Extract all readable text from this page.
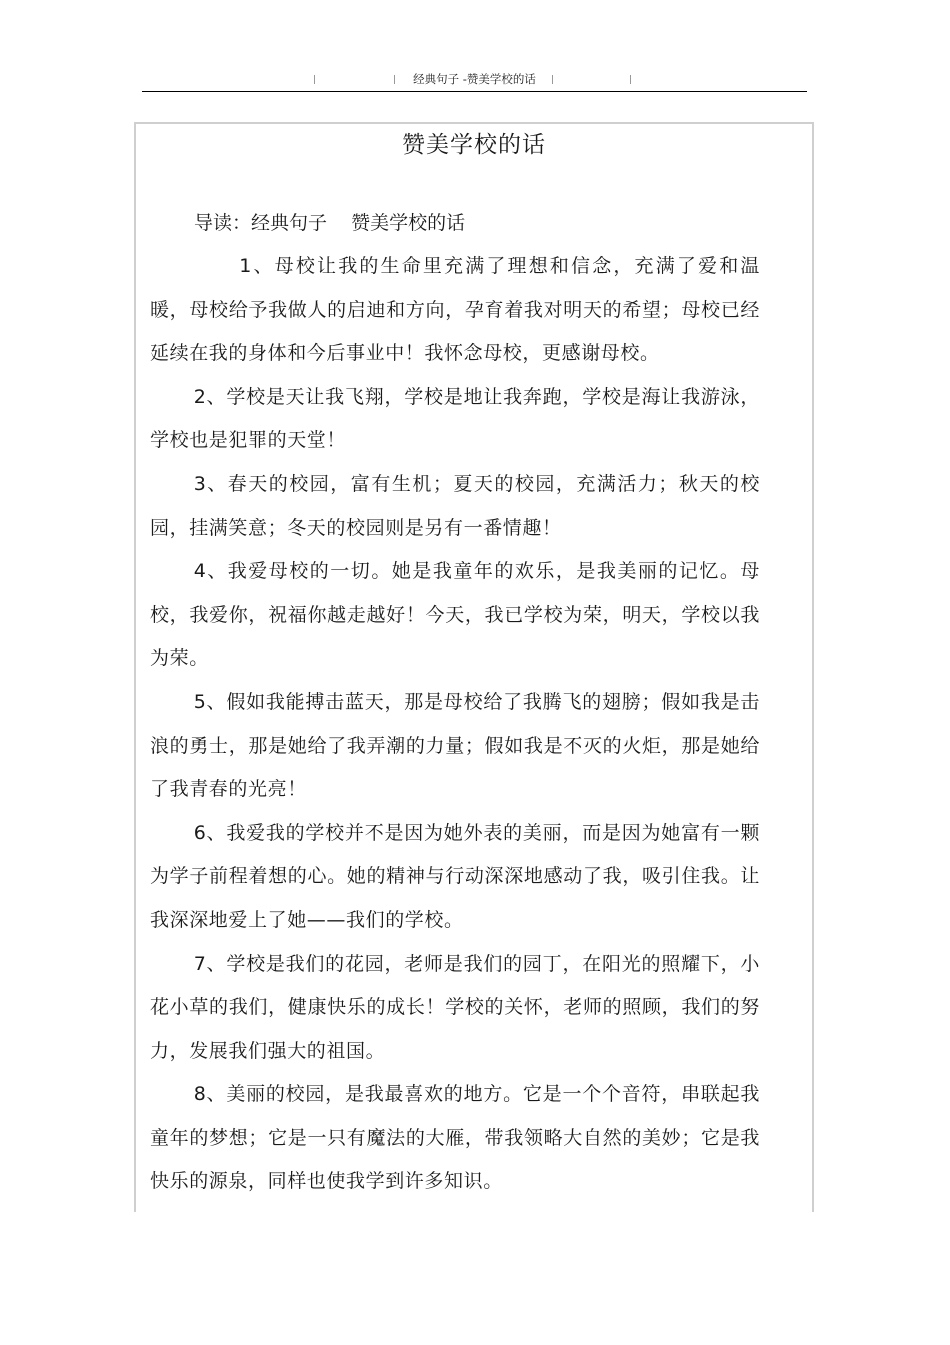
经典句子 -赞美学校的话
赞美学校的话
导读：经典句子    赞美学校的话

1、母校让我的生命里充满了理想和信念，充满了爱和温暖，母校给予我做人的启迪和方向，孕育着我对明天的希望；母校已经延续在我的身体和今后事业中！我怀念母校，更感谢母校。

2、学校是天让我飞翔，学校是地让我奔跑，学校是海让我游泳，学校也是犯罪的天堂！

3、春天的校园，富有生机；夏天的校园，充满活力；秋天的校园，挂满笑意；冬天的校园则是另有一番情趣！

4、我爱母校的一切。她是我童年的欢乐，是我美丽的记忆。母校，我爱你，祝福你越走越好！今天，我已学校为荣，明天，学校以我为荣。

5、假如我能搏击蓝天，那是母校给了我腾飞的翅膀；假如我是击浪的勇士，那是她给了我弄潮的力量；假如我是不灭的火炬，那是她给了我青春的光亮！

6、我爱我的学校并不是因为她外表的美丽，而是因为她富有一颗为学子前程着想的心。她的精神与行动深深地感动了我，吸引住我。让我深深地爱上了她——我们的学校。

7、学校是我们的花园，老师是我们的园丁，在阳光的照耀下，小花小草的我们，健康快乐的成长！学校的关怀，老师的照顾，我们的努力，发展我们强大的祖国。

8、美丽的校园，是我最喜欢的地方。它是一个个音符，串联起我童年的梦想；它是一只有魔法的大雁，带我领略大自然的美妙；它是我快乐的源泉，同样也使我学到许多知识。
